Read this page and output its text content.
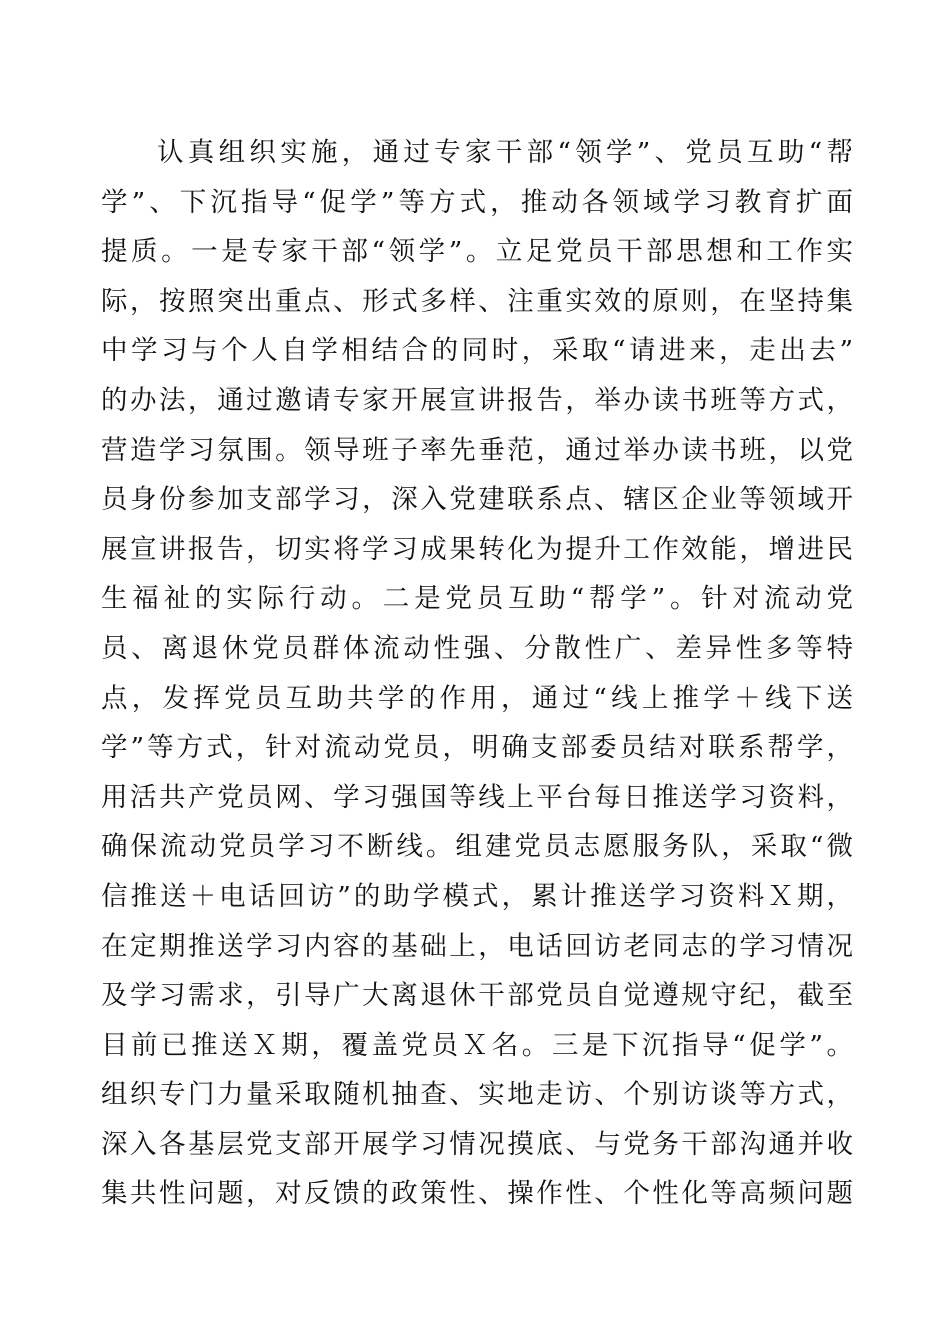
认真组织实施，通过专家干部“领学”、党员互助“帮
学”、下沉指导“促学”等方式，推动各领域学习教育扩面
提质。一是专家干部“领学”。立足党员干部思想和工作实
际，按照突出重点、形式多样、注重实效的原则，在坚持集
中学习与个人自学相结合的同时，采取“请进来，走出去”
的办法，通过邀请专家开展宣讲报告，举办读书班等方式，
营造学习氛围。领导班子率先垂范，通过举办读书班，以党
员身份参加支部学习，深入党建联系点、辖区企业等领域开
展宣讲报告，切实将学习成果转化为提升工作效能，增进民
生福祉的实际行动。二是党员互助“帮学”。针对流动党
员、离退休党员群体流动性强、分散性广、差异性多等特
点，发挥党员互助共学的作用，通过“线上推学＋线下送
学”等方式，针对流动党员，明确支部委员结对联系帮学，
用活共产党员网、学习强国等线上平台每日推送学习资料，
确保流动党员学习不断线。组建党员志愿服务队，采取“微
信推送＋电话回访”的助学模式，累计推送学习资料Ｘ期，
在定期推送学习内容的基础上，电话回访老同志的学习情况
及学习需求，引导广大离退休干部党员自觉遵规守纪，截至
目前已推送Ｘ期，覆盖党员Ｘ名。三是下沉指导“促学”。
组织专门力量采取随机抽查、实地走访、个别访谈等方式，
深入各基层党支部开展学习情况摸底、与党务干部沟通并收
集共性问题，对反馈的政策性、操作性、个性化等高频问题
